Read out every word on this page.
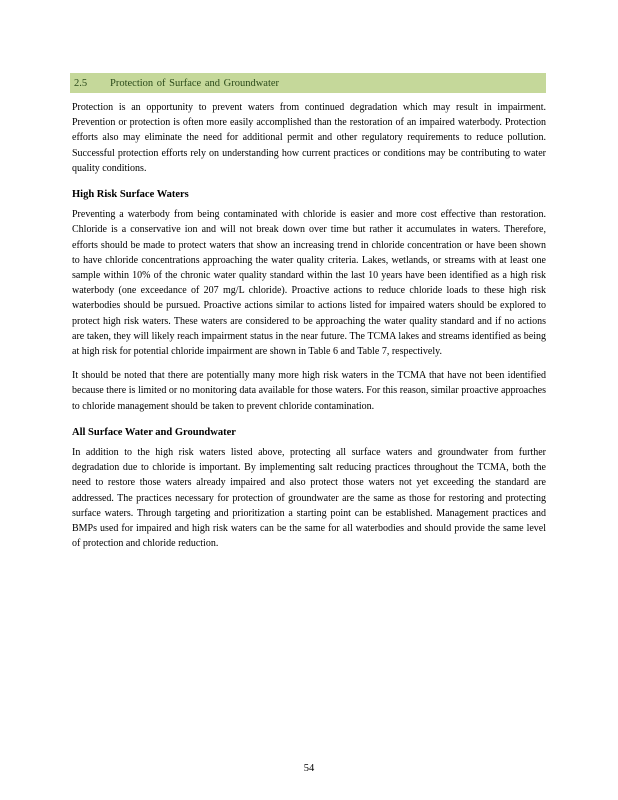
2.5	Protection of Surface and Groundwater

Protection is an opportunity to prevent waters from continued degradation which may result in impairment. Prevention or protection is often more easily accomplished than the restoration of an impaired waterbody. Protection efforts also may eliminate the need for additional permit and other regulatory requirements to reduce pollution. Successful protection efforts rely on understanding how current practices or conditions may be contributing to water quality conditions.

High Risk Surface Waters

Preventing a waterbody from being contaminated with chloride is easier and more cost effective than restoration. Chloride is a conservative ion and will not break down over time but rather it accumulates in waters. Therefore, efforts should be made to protect waters that show an increasing trend in chloride concentration or have been shown to have chloride concentrations approaching the water quality criteria. Lakes, wetlands, or streams with at least one sample within 10% of the chronic water quality standard within the last 10 years have been identified as a high risk waterbody (one exceedance of 207 mg/L chloride). Proactive actions to reduce chloride loads to these high risk waterbodies should be pursued. Proactive actions similar to actions listed for impaired waters should be explored to protect high risk waters. These waters are considered to be approaching the water quality standard and if no actions are taken, they will likely reach impairment status in the near future. The TCMA lakes and streams identified as being at high risk for potential chloride impairment are shown in Table 6 and Table 7, respectively.

It should be noted that there are potentially many more high risk waters in the TCMA that have not been identified because there is limited or no monitoring data available for those waters. For this reason, similar proactive approaches to chloride management should be taken to prevent chloride contamination.

All Surface Water and Groundwater

In addition to the high risk waters listed above, protecting all surface waters and groundwater from further degradation due to chloride is important. By implementing salt reducing practices throughout the TCMA, both the need to restore those waters already impaired and also protect those waters not yet exceeding the standard are addressed. The practices necessary for protection of groundwater are the same as those for restoring and protecting surface waters. Through targeting and prioritization a starting point can be established. Management practices and BMPs used for impaired and high risk waters can be the same for all waterbodies and should provide the same level of protection and chloride reduction.

54
